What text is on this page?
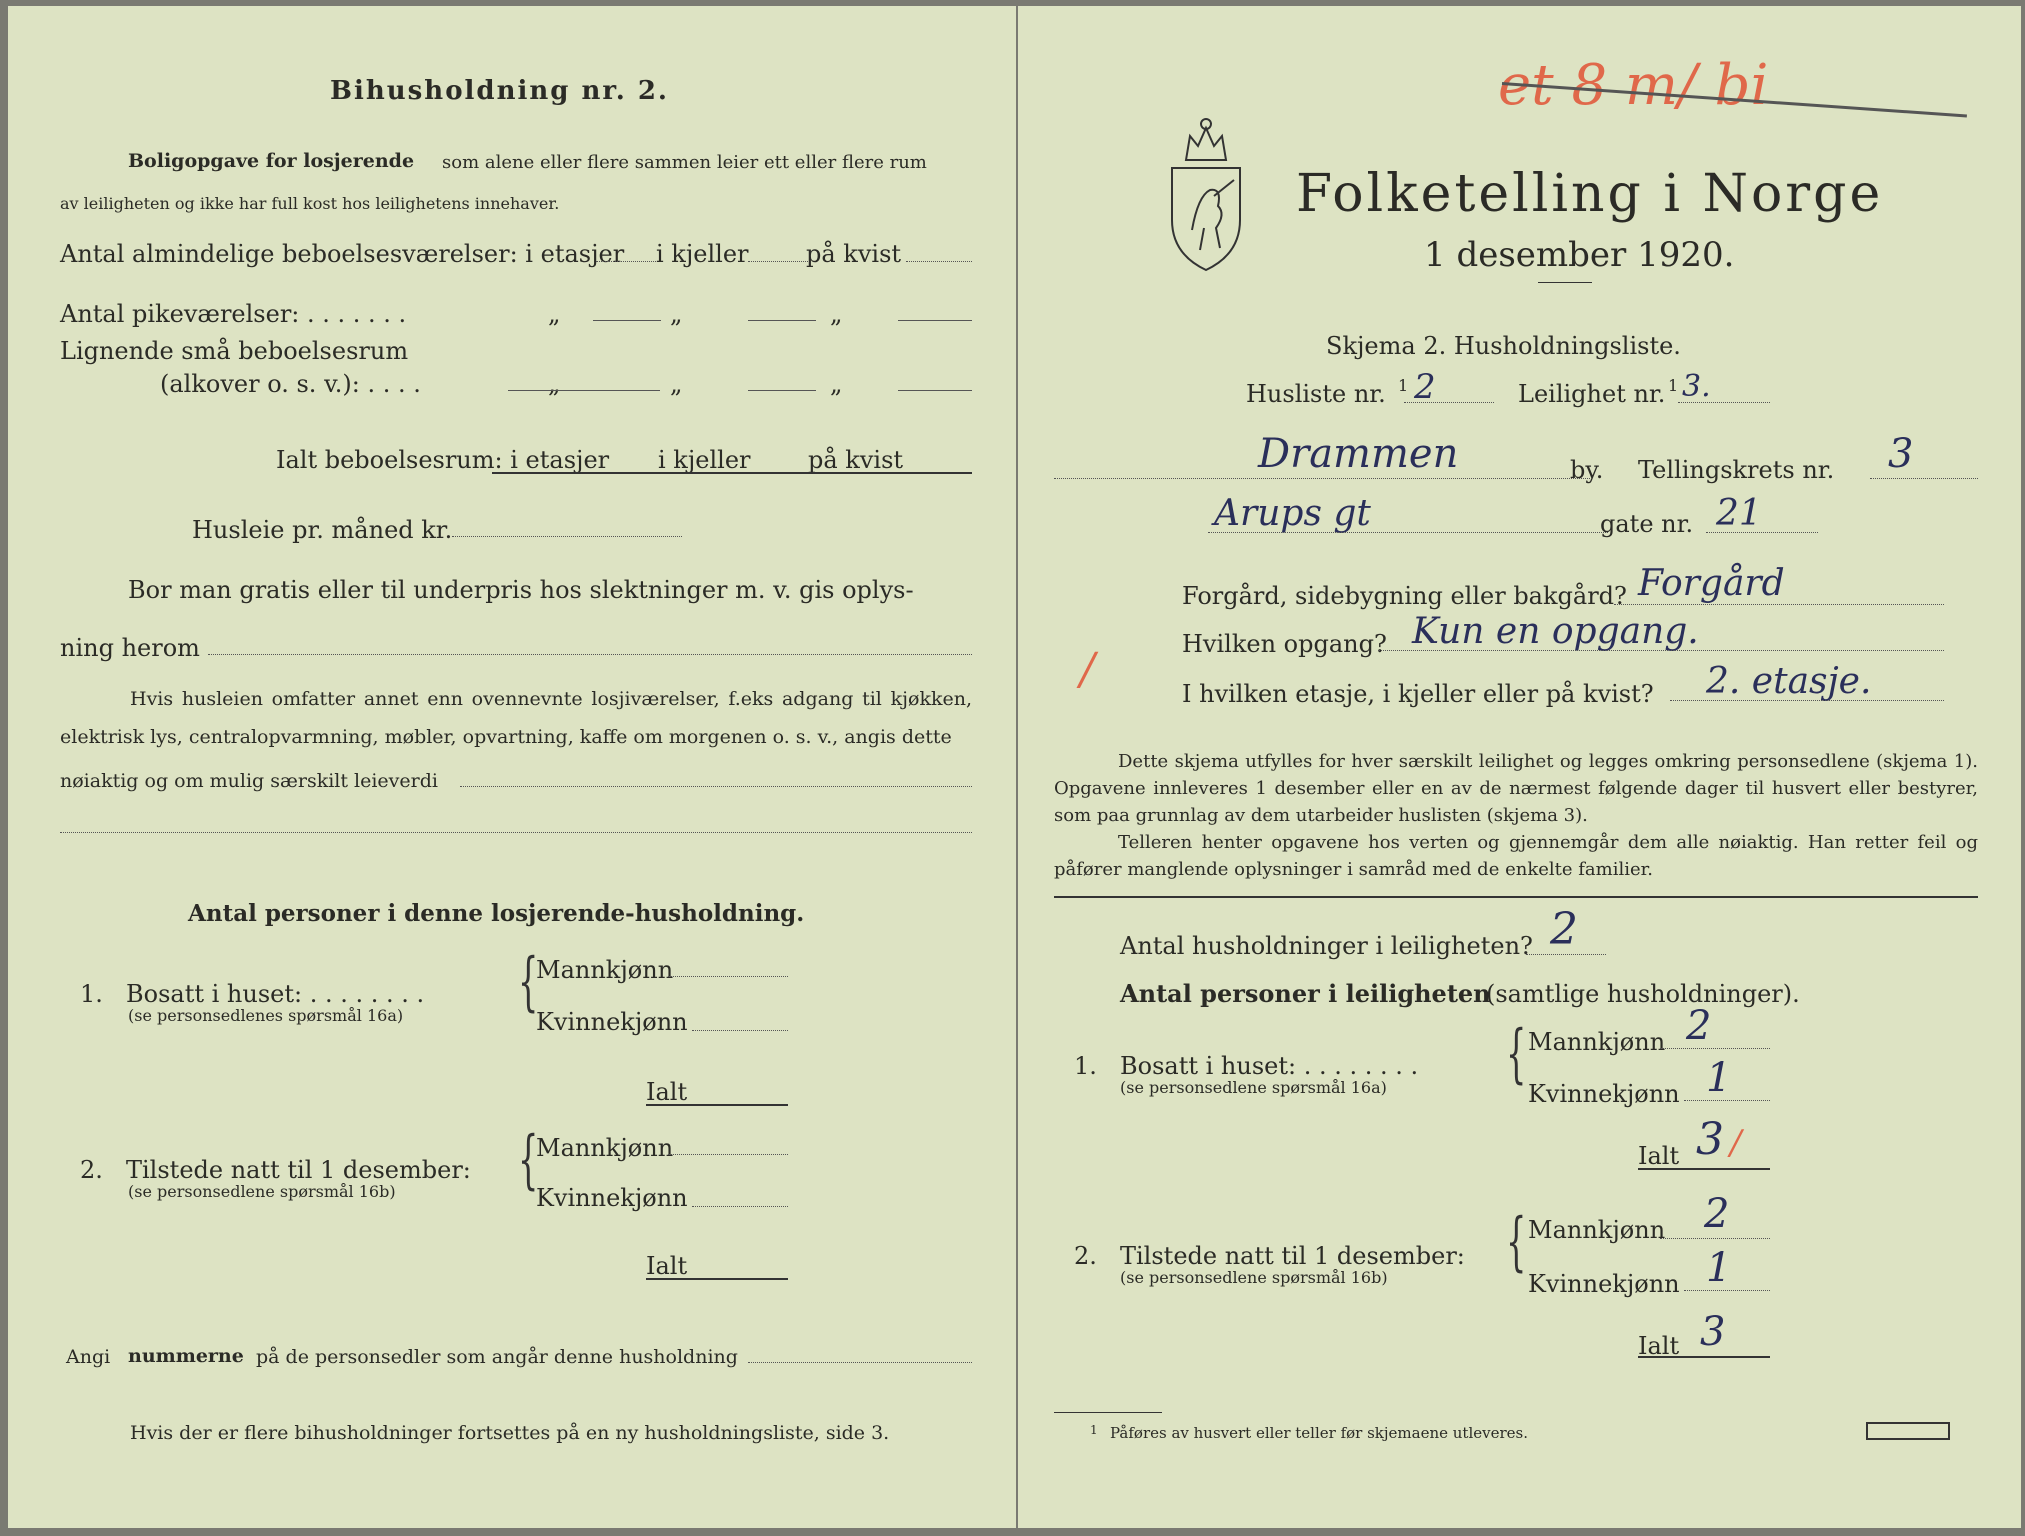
Bihusholdning nr. 2.
Boligopgave for losjerende som alene eller flere sammen leier ett eller flere rum
av leiligheten og ikke har full kost hos leilighetens innehaver.
Antal almindelige beboelsesværelser: i etasjer i kjeller på kvist
Antal pikeværelser: . . . . . . .	„	„	„
Lignende små beboelsesrum
(alkover o. s. v.): . . . .	„	„	„
Ialt beboelsesrum: i etasjer i kjeller på kvist
Husleie pr. måned kr.
Bor man gratis eller til underpris hos slektninger m. v. gis oplys-
ning herom
Hvis husleien omfatter annet enn ovennevnte losjiværelser, f.eks adgang til kjøkken, elektrisk lys, centralopvarmning, møbler, opvartning, kaffe om morgenen o. s. v., angis dette
nøiaktig og om mulig særskilt leieverdi
Antal personer i denne losjerende-husholdning.
1. Bosatt i huset: . . . . . . . .
(se personsedlenes spørsmål 16a) {
Mannkjønn
Kvinnekjønn
Ialt
2. Tilstede natt til 1 desember:
(se personsedlene spørsmål 16b) {
Mannkjønn
Kvinnekjønn
Ialt
Angi nummerne på de personsedler som angår denne husholdning
Hvis der er flere bihusholdninger fortsettes på en ny husholdningsliste, side 3.
et 8 m/ bi
Folketelling i Norge
1 desember 1920.
Skjema 2. Husholdningsliste.
Husliste nr. 1 2	Leilighet nr. 1 3.
Drammen	by. Tellingskrets nr. 3
Arups gt	gate nr. 21
Forgård, sidebygning eller bakgård? Forgård
Hvilken opgang? Kun en opgang.
/	I hvilken etasje, i kjeller eller på kvist? 2. etasje.
Dette skjema utfylles for hver særskilt leilighet og legges omkring personsedlene (skjema 1). Opgavene innleveres 1 desember eller en av de nærmest følgende dager til husvert eller bestyrer, som paa grunnlag av dem utarbeider huslisten (skjema 3).
Telleren henter opgavene hos verten og gjennemgår dem alle nøiaktig. Han retter feil og påfører manglende oplysninger i samråd med de enkelte familier.
Antal husholdninger i leiligheten? 2
Antal personer i leiligheten
(samtlige husholdninger).
1. Bosatt i huset: . . . . . . . .
(se personsedlene spørsmål 16a) { Mannkjønn 2
Kvinnekjønn 1
Ialt 3 /
2. Tilstede natt til 1 desember:
(se personsedlene spørsmål 16b) { Mannkjønn 2
Kvinnekjønn 1
Ialt 3
1 Påføres av husvert eller teller før skjemaene utleveres.
